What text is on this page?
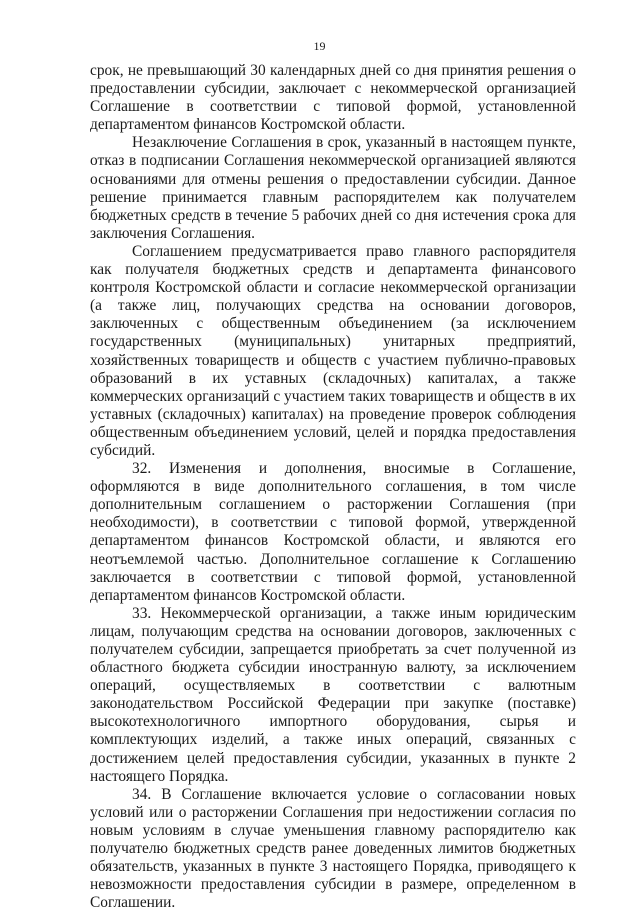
19

срок, не превышающий 30 календарных дней со дня принятия решения о предоставлении субсидии, заключает с некоммерческой организацией Соглашение в соответствии с типовой формой, установленной департаментом финансов Костромской области.

Незаключение Соглашения в срок, указанный в настоящем пункте, отказ в подписании Соглашения некоммерческой организацией являются основаниями для отмены решения о предоставлении субсидии. Данное решение принимается главным распорядителем как получателем бюджетных средств в течение 5 рабочих дней со дня истечения срока для заключения Соглашения.

Соглашением предусматривается право главного распорядителя как получателя бюджетных средств и департамента финансового контроля Костромской области и согласие некоммерческой организации (а также лиц, получающих средства на основании договоров, заключенных с общественным объединением (за исключением государственных (муниципальных) унитарных предприятий, хозяйственных товариществ и обществ с участием публично-правовых образований в их уставных (складочных) капиталах, а также коммерческих организаций с участием таких товариществ и обществ в их уставных (складочных) капиталах) на проведение проверок соблюдения общественным объединением условий, целей и порядка предоставления субсидий.

32. Изменения и дополнения, вносимые в Соглашение, оформляются в виде дополнительного соглашения, в том числе дополнительным соглашением о расторжении Соглашения (при необходимости), в соответствии с типовой формой, утвержденной департаментом финансов Костромской области, и являются его неотъемлемой частью. Дополнительное соглашение к Соглашению заключается в соответствии с типовой формой, установленной департаментом финансов Костромской области.

33. Некоммерческой организации, а также иным юридическим лицам, получающим средства на основании договоров, заключенных с получателем субсидии, запрещается приобретать за счет полученной из областного бюджета субсидии иностранную валюту, за исключением операций, осуществляемых в соответствии с валютным законодательством Российской Федерации при закупке (поставке) высокотехнологичного импортного оборудования, сырья и комплектующих изделий, а также иных операций, связанных с достижением целей предоставления субсидии, указанных в пункте 2 настоящего Порядка.

34. В Соглашение включается условие о согласовании новых условий или о расторжении Соглашения при недостижении согласия по новым условиям в случае уменьшения главному распорядителю как получателю бюджетных средств ранее доведенных лимитов бюджетных обязательств, указанных в пункте 3 настоящего Порядка, приводящего к невозможности предоставления субсидии в размере, определенном в Соглашении.
